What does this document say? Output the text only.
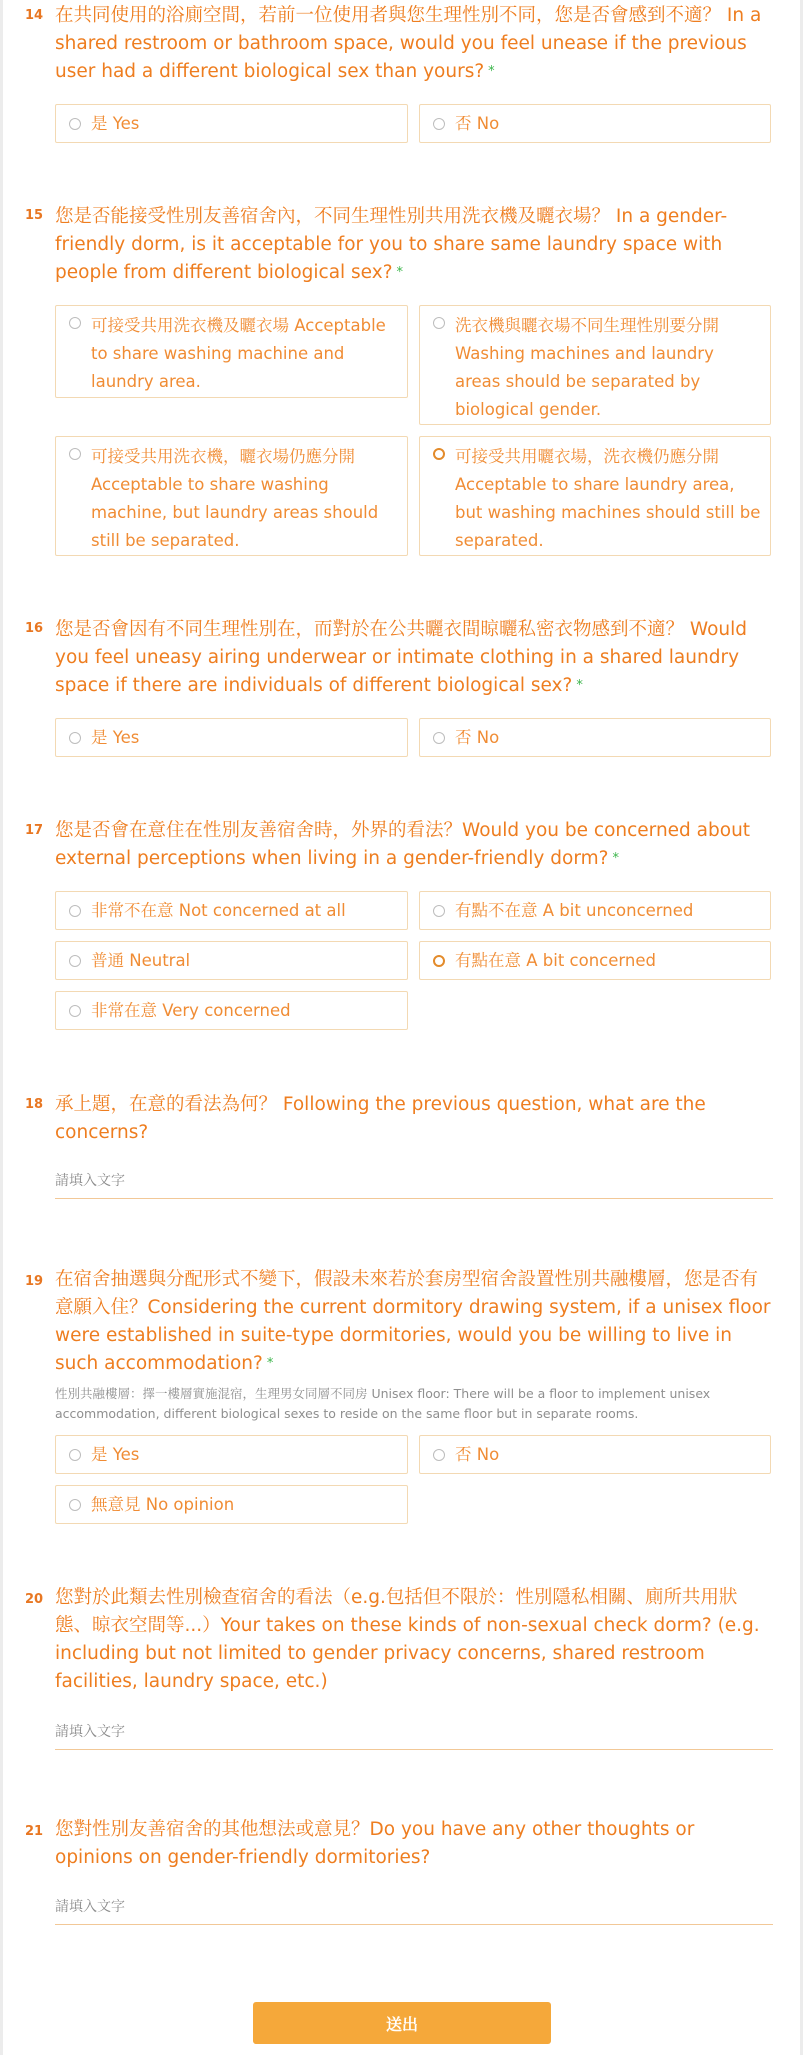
14 在共同使用的浴廁空間，若前一位使用者與您生理性別不同，您是否會感到不適？ In a shared restroom or bathroom space, would you feel unease if the previous user had a different biological sex than yours? *
是 Yes	否 No
15 您是否能接受性別友善宿舍內，不同生理性別共用洗衣機及曬衣場？ In a gender-friendly dorm, is it acceptable for you to share same laundry space with people from different biological sex? *
可接受共用洗衣機及曬衣場 Acceptable to share washing machine and laundry area.
洗衣機與曬衣場不同生理性別要分開 Washing machines and laundry areas should be separated by biological gender.
可接受共用洗衣機，曬衣場仍應分開 Acceptable to share washing machine, but laundry areas should still be separated.
可接受共用曬衣場，洗衣機仍應分開 Acceptable to share laundry area, but washing machines should still be separated.
16 您是否會因有不同生理性別在，而對於在公共曬衣間晾曬私密衣物感到不適？ Would you feel uneasy airing underwear or intimate clothing in a shared laundry space if there are individuals of different biological sex? *
是 Yes	否 No
17 您是否會在意住在性別友善宿舍時，外界的看法？Would you be concerned about external perceptions when living in a gender-friendly dorm? *
非常不在意 Not concerned at all	有點不在意 A bit unconcerned
普通 Neutral	有點在意 A bit concerned
非常在意 Very concerned
18 承上題，在意的看法為何？ Following the previous question, what are the concerns?
請填入文字
19 在宿舍抽選與分配形式不變下，假設未來若於套房型宿舍設置性別共融樓層，您是否有意願入住？Considering the current dormitory drawing system, if a unisex floor were established in suite-type dormitories, would you be willing to live in such accommodation? *
性別共融樓層：擇一樓層實施混宿，生理男女同層不同房 Unisex floor: There will be a floor to implement unisex accommodation, different biological sexes to reside on the same floor but in separate rooms.
是 Yes	否 No
無意見 No opinion
20 您對於此類去性別檢查宿舍的看法（e.g.包括但不限於：性別隱私相關、廁所共用狀態、晾衣空間等...）Your takes on these kinds of non-sexual check dorm? (e.g. including but not limited to gender privacy concerns, shared restroom facilities, laundry space, etc.)
請填入文字
21 您對性別友善宿舍的其他想法或意見？Do you have any other thoughts or opinions on gender-friendly dormitories?
請填入文字
送出
